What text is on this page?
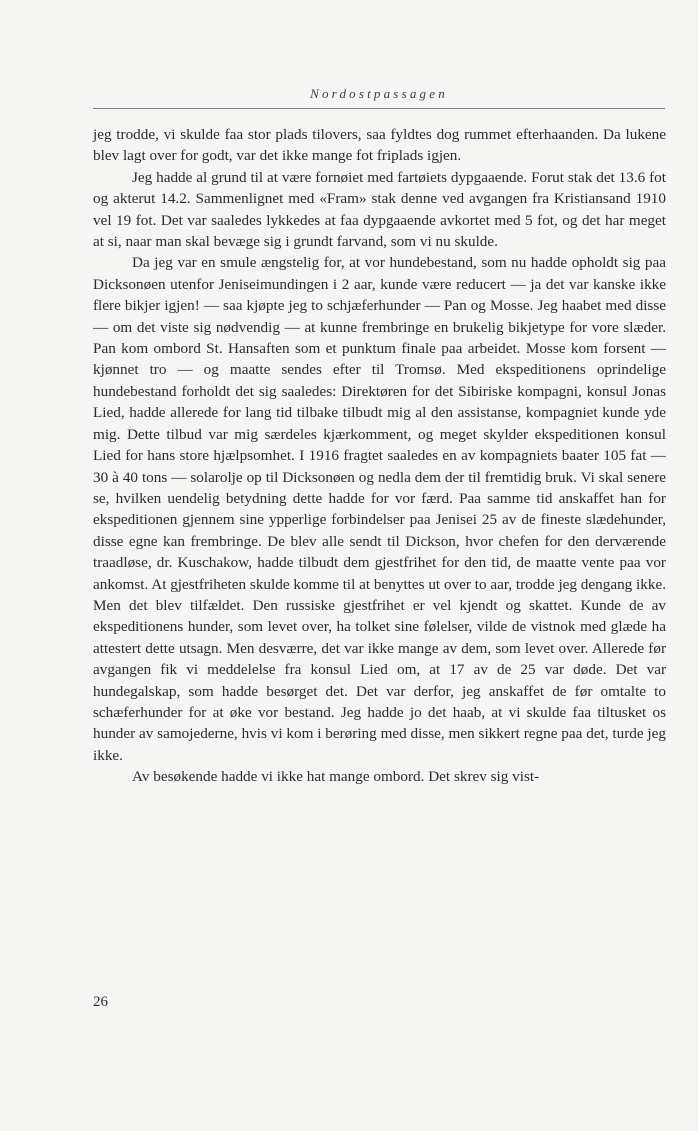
Nordostpassagen

jeg trodde, vi skulde faa stor plads tilovers, saa fyldtes dog rummet efterhaanden. Da lukene blev lagt over for godt, var det ikke mange fot friplads igjen.

Jeg hadde al grund til at være fornøiet med fartøiets dypgaaende. Forut stak det 13.6 fot og akterut 14.2. Sammenlignet med «Fram» stak denne ved avgangen fra Kristiansand 1910 vel 19 fot. Det var saaledes lykkedes at faa dypgaaende avkortet med 5 fot, og det har meget at si, naar man skal bevæge sig i grundt farvand, som vi nu skulde.

Da jeg var en smule ængstelig for, at vor hundebestand, som nu hadde opholdt sig paa Dicksonøen utenfor Jeniseimundingen i 2 aar, kunde være reducert — ja det var kanske ikke flere bikjer igjen! — saa kjøpte jeg to schjæferhunder — Pan og Mosse. Jeg haabet med disse — om det viste sig nødvendig — at kunne frembringe en brukelig bikjetype for vore slæder. Pan kom ombord St. Hansaften som et punktum finale paa arbeidet. Mosse kom forsent — kjønnet tro — og maatte sendes efter til Tromsø. Med ekspeditionens oprindelige hundebestand forholdt det sig saaledes: Direktøren for det Sibiriske kompagni, konsul Jonas Lied, hadde allerede for lang tid tilbake tilbudt mig al den assistanse, kompagniet kunde yde mig. Dette tilbud var mig særdeles kjærkomment, og meget skylder ekspeditionen konsul Lied for hans store hjælpsomhet. I 1916 fragtet saaledes en av kompagniets baater 105 fat — 30 à 40 tons — solarolje op til Dicksonøen og nedla dem der til fremtidig bruk. Vi skal senere se, hvilken uendelig betydning dette hadde for vor færd. Paa samme tid anskaffet han for ekspeditionen gjennem sine ypperlige forbindelser paa Jenisei 25 av de fineste slædehunder, disse egne kan frembringe. De blev alle sendt til Dickson, hvor chefen for den derværende traadløse, dr. Kuschakow, hadde tilbudt dem gjestfrihet for den tid, de maatte vente paa vor ankomst. At gjestfriheten skulde komme til at benyttes ut over to aar, trodde jeg dengang ikke. Men det blev tilfældet. Den russiske gjestfrihet er vel kjendt og skattet. Kunde de av ekspeditionens hunder, som levet over, ha tolket sine følelser, vilde de vistnok med glæde ha attestert dette utsagn. Men desværre, det var ikke mange av dem, som levet over. Allerede før avgangen fik vi meddelelse fra konsul Lied om, at 17 av de 25 var døde. Det var hundegalskap, som hadde besørget det. Det var derfor, jeg anskaffet de før omtalte to schæferhunder for at øke vor bestand. Jeg hadde jo det haab, at vi skulde faa tiltusket os hunder av samojederne, hvis vi kom i berøring med disse, men sikkert regne paa det, turde jeg ikke.

Av besøkende hadde vi ikke hat mange ombord. Det skrev sig vist-

26
